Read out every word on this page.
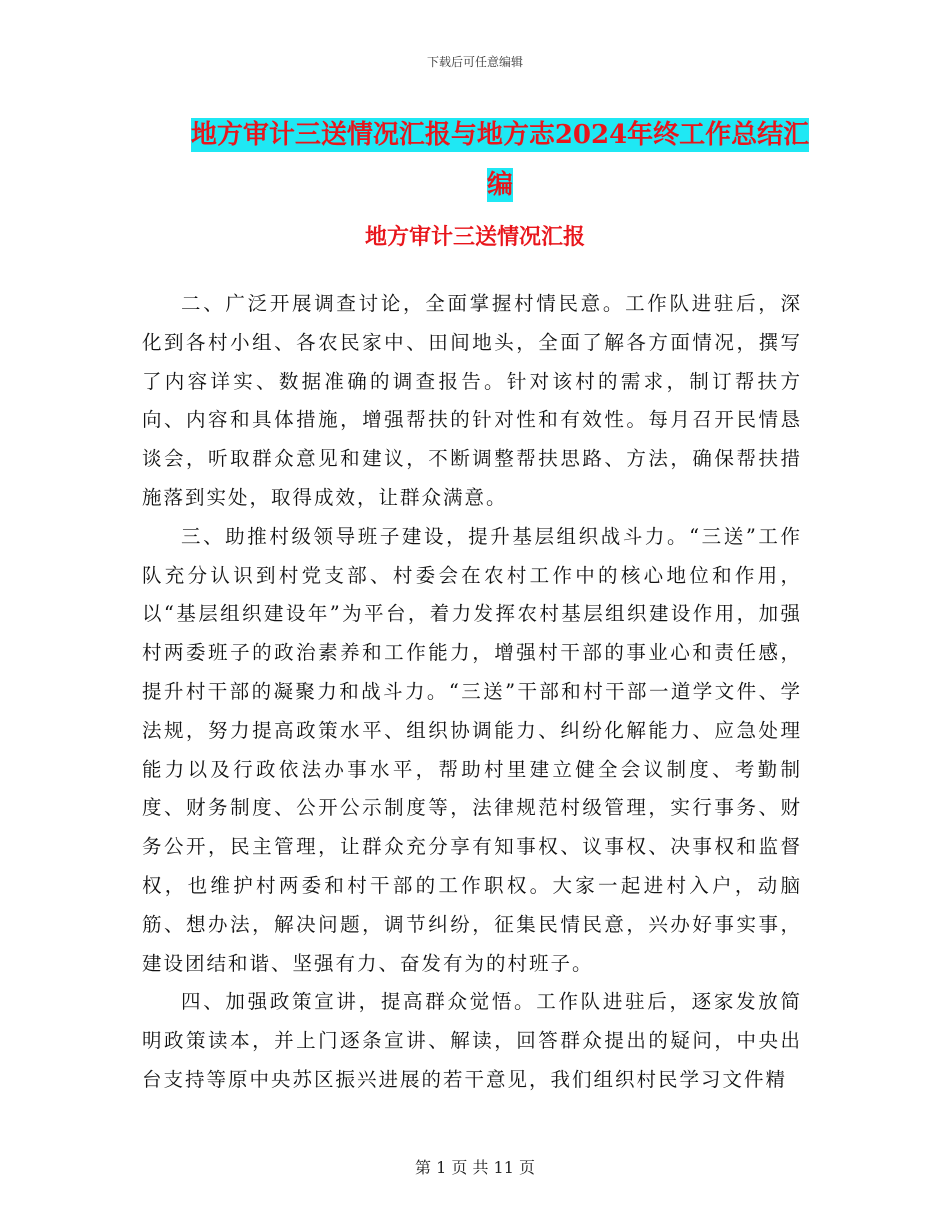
下载后可任意编辑
地方审计三送情况汇报与地方志2024年终工作总结汇编
地方审计三送情况汇报

二、广泛开展调查讨论，全面掌握村情民意。工作队进驻后，深化到各村小组、各农民家中、田间地头，全面了解各方面情况，撰写了内容详实、数据准确的调查报告。针对该村的需求，制订帮扶方向、内容和具体措施，增强帮扶的针对性和有效性。每月召开民情恳谈会，听取群众意见和建议，不断调整帮扶思路、方法，确保帮扶措施落到实处，取得成效，让群众满意。

三、助推村级领导班子建设，提升基层组织战斗力。“三送”工作队充分认识到村党支部、村委会在农村工作中的核心地位和作用，以“基层组织建设年”为平台，着力发挥农村基层组织建设作用，加强村两委班子的政治素养和工作能力，增强村干部的事业心和责任感，提升村干部的凝聚力和战斗力。“三送”干部和村干部一道学文件、学法规，努力提高政策水平、组织协调能力、纠纷化解能力、应急处理能力以及行政依法办事水平，帮助村里建立健全会议制度、考勤制度、财务制度、公开公示制度等，法律规范村级管理，实行事务、财务公开，民主管理，让群众充分享有知事权、议事权、决事权和监督权，也维护村两委和村干部的工作职权。大家一起进村入户，动脑筋、想办法，解决问题，调节纠纷，征集民情民意，兴办好事实事，建设团结和谐、坚强有力、奋发有为的村班子。

四、加强政策宣讲，提高群众觉悟。工作队进驻后，逐家发放简明政策读本，并上门逐条宣讲、解读，回答群众提出的疑问，中央出台支持等原中央苏区振兴进展的若干意见，我们组织村民学习文件精

第 1 页 共 11 页
